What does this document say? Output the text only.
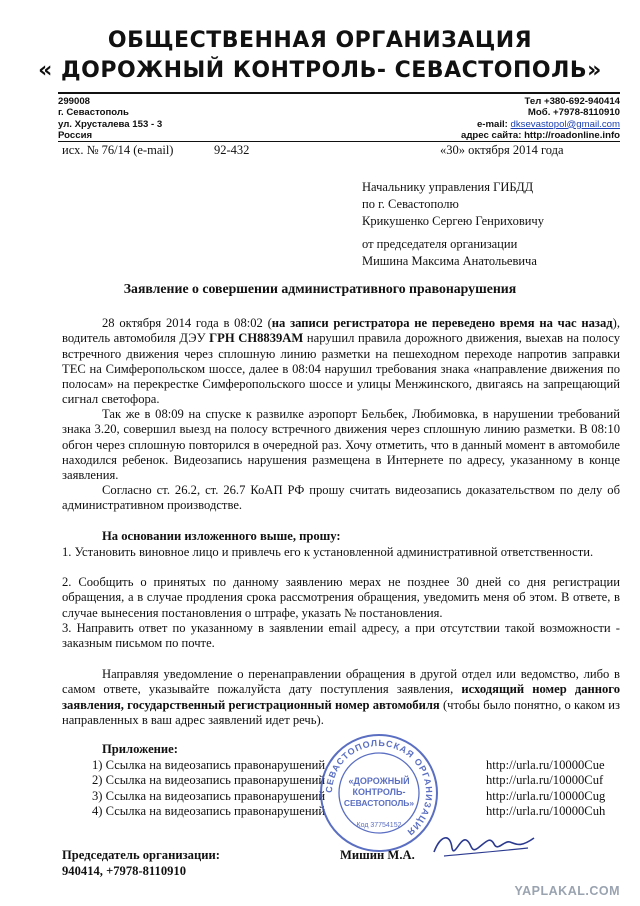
ОБЩЕСТВЕННАЯ ОРГАНИЗАЦИЯ
« ДОРОЖНЫЙ КОНТРОЛЬ- СЕВАСТОПОЛЬ»
299008
г. Севастополь
ул. Хрусталева 153 - 3
Россия
Тел +380-692-940414
Моб. +7978-8110910
e-mail: dksevastopol@gmail.com
адрес сайта: http://roadonline.info
исх. № 76/14 (e-mail)	92-432	«30» октября 2014 года
Начальнику управления ГИБДД
по г. Севастополю
Крикушенко Сергею Генриховичу
от председателя организации
Мишина Максима Анатольевича
Заявление о совершении административного правонарушения
28 октября 2014 года в 08:02 (на записи регистратора не переведено время на час назад), водитель автомобиля ДЭУ ГРН СН8839АМ нарушил правила дорожного движения, выехав на полосу встречного движения через сплошную линию разметки на пешеходном переходе напротив заправки ТЕС на Симферопольском шоссе, далее в 08:04 нарушил требования знака «направление движения по полосам» на перекрестке Симферопольского шоссе и улицы Менжинского, двигаясь на запрещающий сигнал светофора.
Так же в 08:09 на спуске к развилке аэропорт Бельбек, Любимовка, в нарушении требований знака 3.20, совершил выезд на полосу встречного движения через сплошную линию разметки. В 08:10 обгон через сплошную повторился в очередной раз. Хочу отметить, что в данный момент в автомобиле находился ребенок. Видеозапись нарушения размещена в Интернете по адресу, указанному в конце заявления.
Согласно ст. 26.2, ст. 26.7 КоАП РФ прошу считать видеозапись доказательством по делу об административном производстве.
На основании изложенного выше, прошу:
1. Установить виновное лицо и привлечь его к установленной административной ответственности.
2. Сообщить о принятых по данному заявлению мерах не позднее 30 дней со дня регистрации обращения, а в случае продления срока рассмотрения обращения, уведомить меня об этом. В ответе, в случае вынесения постановления о штрафе, указать № постановления.
3. Направить ответ по указанному в заявлении email адресу, а при отсутствии такой возможности - заказным письмом по почте.
Направляя уведомление о перенаправлении обращения в другой отдел или ведомство, либо в самом ответе, указывайте пожалуйста дату поступления заявления, исходящий номер данного заявления, государственный регистрационный номер автомобиля (чтобы было понятно, о каком из направленных в ваш адрес заявлений идет речь).
Приложение:
1) Ссылка на видеозапись правонарушений	http://urla.ru/10000Cue
2) Ссылка на видеозапись правонарушений	http://urla.ru/10000Cuf
3) Ссылка на видеозапись правонарушений	http://urla.ru/10000Cug
4) Ссылка на видеозапись правонарушений	http://urla.ru/10000Cuh
Председатель организации:
940414, +7978-8110910
Мишин М.А.
СЕВАСТОПОЛЬСКАЯ ОРГАНИЗАЦИЯ
«ДОРОЖНЫЙ
КОНТРОЛЬ-
СЕВАСТОПОЛЬ»
Код 37754152
YAPLAKAL.COM
